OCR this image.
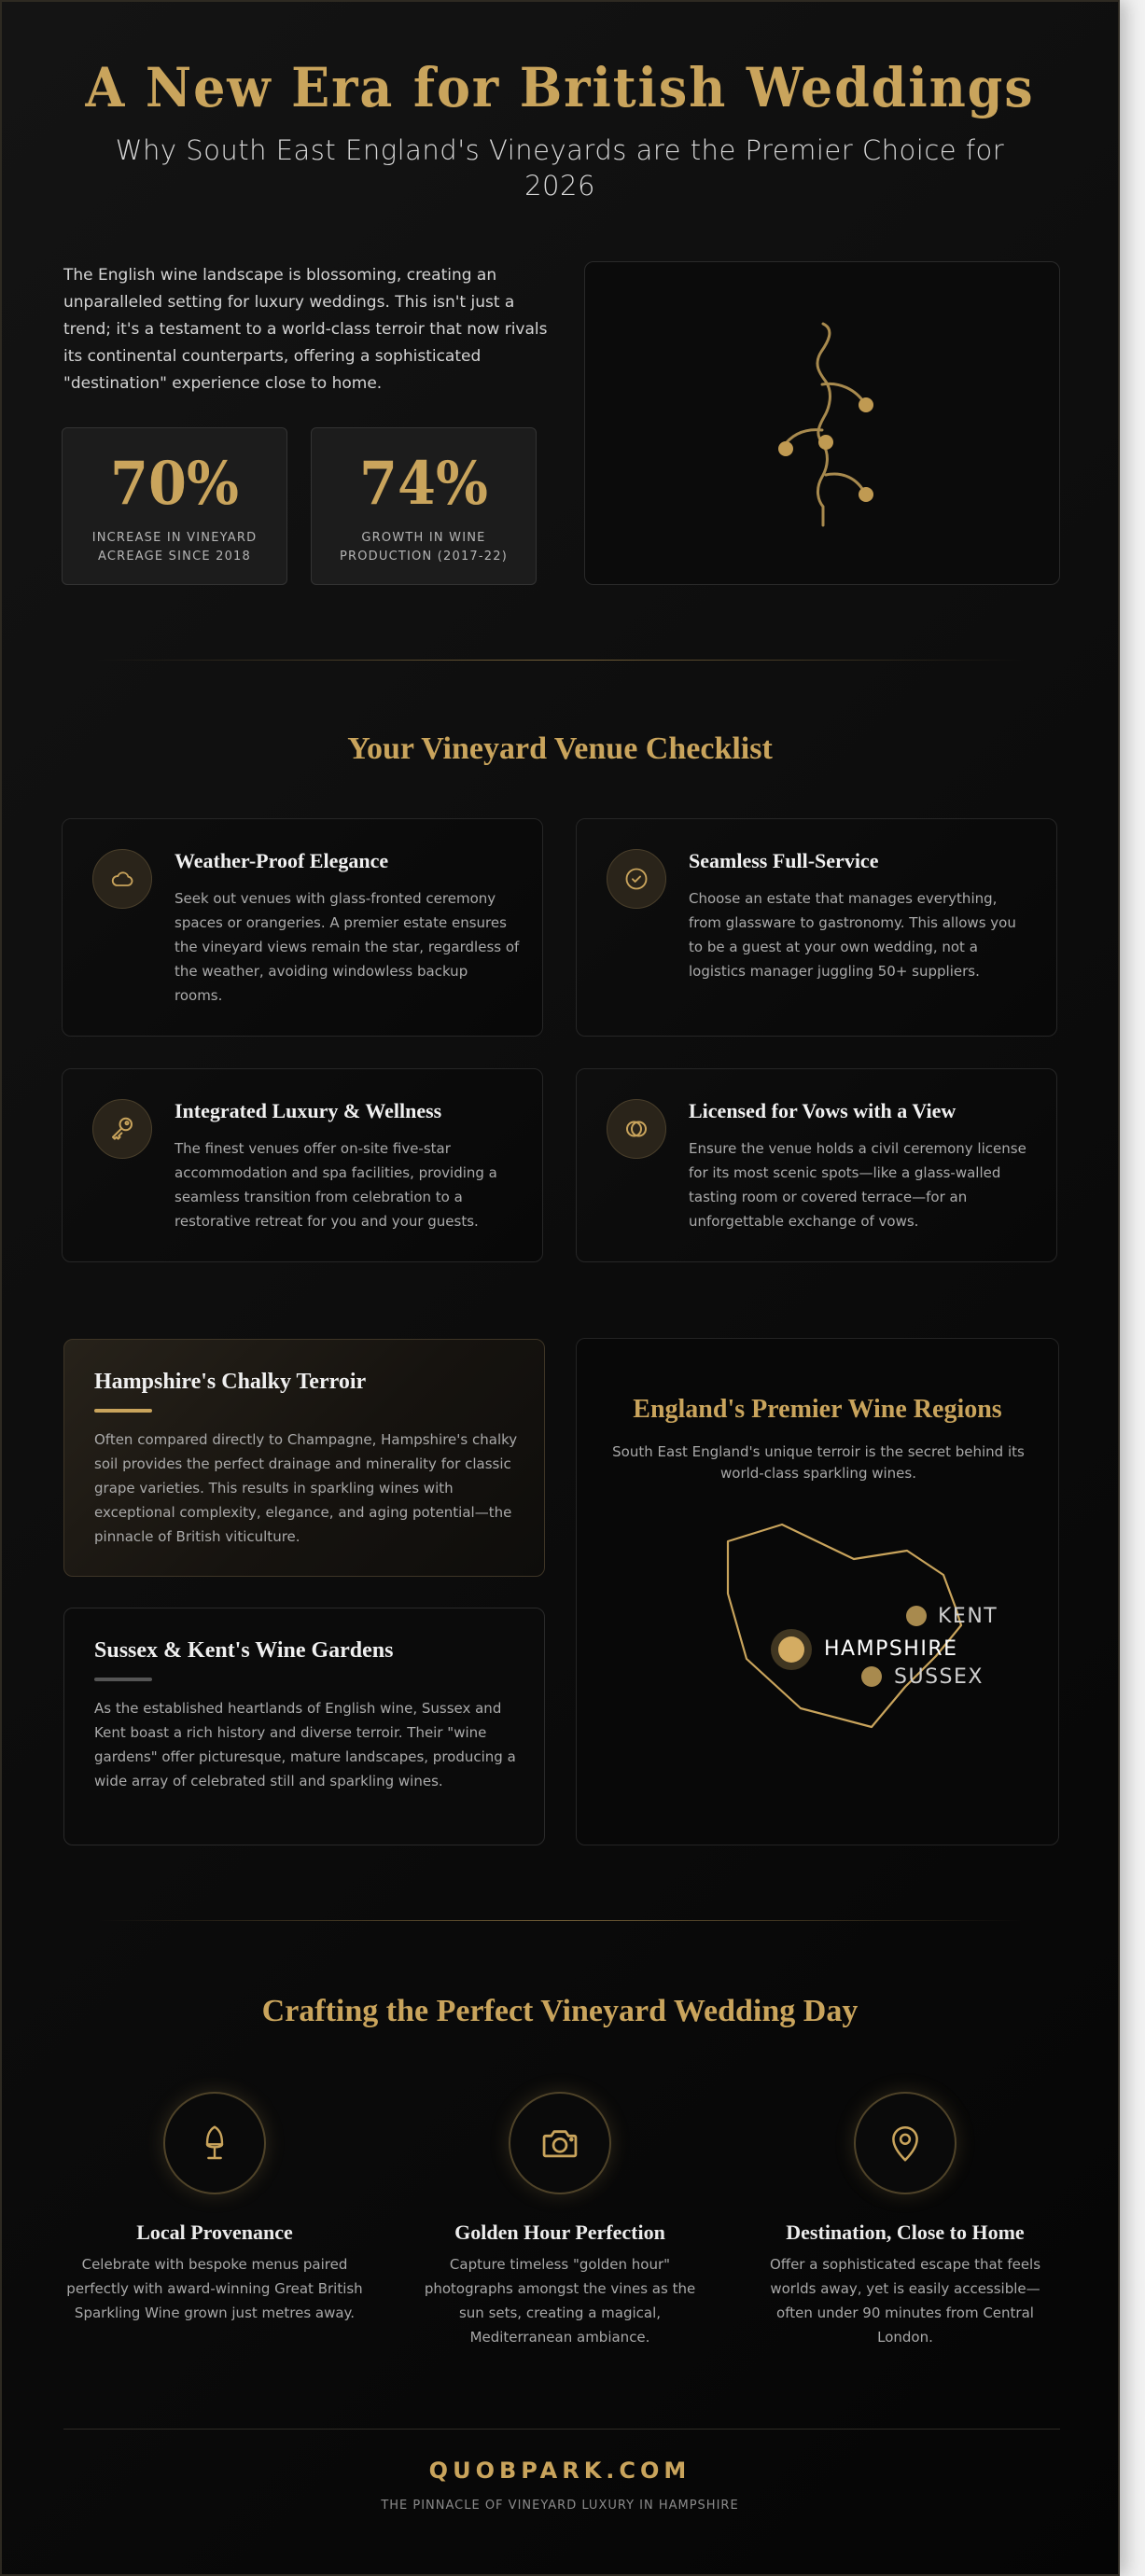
A New Era for British Weddings

Why South East England's Vineyards are the Premier Choice for 2026

The English wine landscape is blossoming, creating an unparalleled setting for luxury weddings. This isn't just a trend; it's a testament to a world-class terroir that now rivals its continental counterparts, offering a sophisticated "destination" experience close to home.

70%
INCREASE IN VINEYARD ACREAGE SINCE 2018
74%
GROWTH IN WINE PRODUCTION (2017-22)
Your Vineyard Venue Checklist
Weather-Proof Elegance

Seek out venues with glass-fronted ceremony spaces or orangeries. A premier estate ensures the vineyard views remain the star, regardless of the weather, avoiding windowless backup rooms.

Seamless Full-Service

Choose an estate that manages everything, from glassware to gastronomy. This allows you to be a guest at your own wedding, not a logistics manager juggling 50+ suppliers.

Integrated Luxury & Wellness

The finest venues offer on-site five-star accommodation and spa facilities, providing a seamless transition from celebration to a restorative retreat for you and your guests.

Licensed for Vows with a View

Ensure the venue holds a civil ceremony license for its most scenic spots—like a glass-walled tasting room or covered terrace—for an unforgettable exchange of vows.

Hampshire's Chalky Terroir

Often compared directly to Champagne, Hampshire's chalky soil provides the perfect drainage and minerality for classic grape varieties. This results in sparkling wines with exceptional complexity, elegance, and aging potential—the pinnacle of British viticulture.

Sussex & Kent's Wine Gardens

As the established heartlands of English wine, Sussex and Kent boast a rich history and diverse terroir. Their "wine gardens" offer picturesque, mature landscapes, producing a wide array of celebrated still and sparkling wines.

England's Premier Wine Regions

South East England's unique terroir is the secret behind its world-class sparkling wines.

KENT
HAMPSHIRE
SUSSEX
Crafting the Perfect Vineyard Wedding Day
Local Provenance

Celebrate with bespoke menus paired perfectly with award-winning Great British Sparkling Wine grown just metres away.

Golden Hour Perfection

Capture timeless "golden hour" photographs amongst the vines as the sun sets, creating a magical, Mediterranean ambiance.

Destination, Close to Home

Offer a sophisticated escape that feels worlds away, yet is easily accessible—often under 90 minutes from Central London.

QUOBPARK.COM

THE PINNACLE OF VINEYARD LUXURY IN HAMPSHIRE
